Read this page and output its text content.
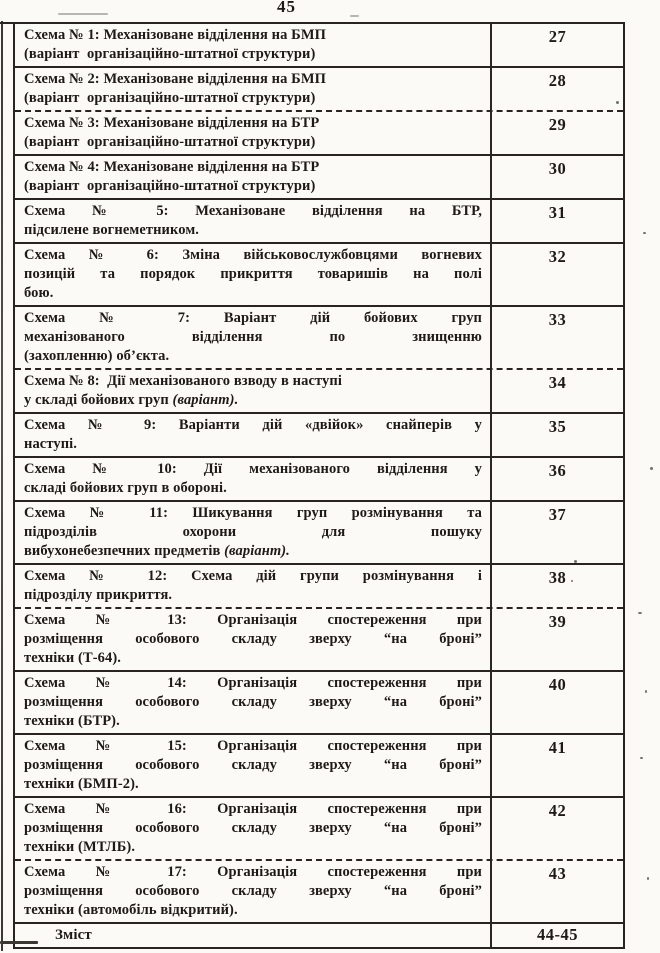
45
Схема № 1: Механізоване відділення на БМП
(варіант  організаційно-штатної структури)
27
Схема № 2: Механізоване відділення на БМП
(варіант  організаційно-штатної структури)
28
Схема № 3: Механізоване відділення на БТР
(варіант  організаційно-штатної структури)
29
Схема № 4: Механізоване відділення на БТР
(варіант  організаційно-штатної структури)
30
Схема № 5: Механізоване відділення на БТР,
підсилене вогнеметником.
31
Схема № 6: Зміна військовослужбовцями вогневих
позицій та порядок прикриття товаришів на полі
бою.
32
Схема № 7: Варіант дій бойових груп
механізованого відділення по знищенню
(захопленню) об’єкта.
33
Схема № 8:  Дії механізованого взводу в наступі
у складі бойових груп (варіант).
34
Схема № 9: Варіанти дій «двійок» снайперів у
наступі.
35
Схема № 10: Дії механізованого відділення у
складі бойових груп в обороні.
36
Схема № 11: Шикування груп розмінування та
підрозділів охорони для пошуку
вибухонебезпечних предметів (варіант).
37
Схема № 12: Схема дій групи розмінування і
підрозділу прикриття.
38
Схема № 13: Організація спостереження при
розміщення особового складу зверху “на броні”
техніки (Т-64).
39
Схема № 14: Організація спостереження при
розміщення особового складу зверху “на броні”
техніки (БТР).
40
Схема № 15: Організація спостереження при
розміщення особового складу зверху “на броні”
техніки (БМП-2).
41
Схема № 16: Організація спостереження при
розміщення особового складу зверху “на броні”
техніки (МТЛБ).
42
Схема № 17: Організація спостереження при
розміщення особового складу зверху “на броні”
техніки (автомобіль відкритий).
43
Зміст	44-45
